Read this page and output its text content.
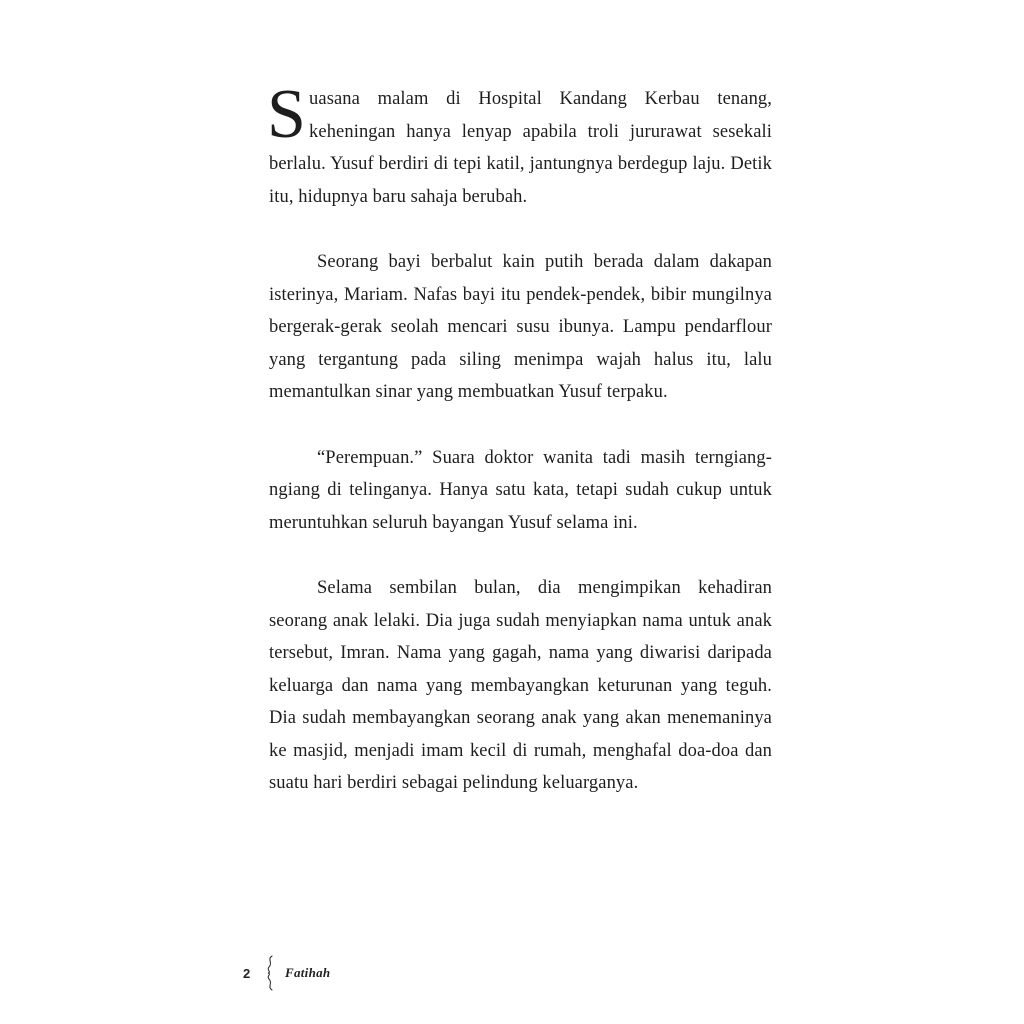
Suasana malam di Hospital Kandang Kerbau tenang, keheningan hanya lenyap apabila troli jururawat sesekali berlalu. Yusuf berdiri di tepi katil, jantungnya berdegup laju. Detik itu, hidupnya baru sahaja berubah.

Seorang bayi berbalut kain putih berada dalam dakapan isterinya, Mariam. Nafas bayi itu pendek-pendek, bibir mungilnya bergerak-gerak seolah mencari susu ibunya. Lampu pendarflour yang tergantung pada siling menimpa wajah halus itu, lalu memantulkan sinar yang membuatkan Yusuf terpaku.

“Perempuan.” Suara doktor wanita tadi masih terngiang-ngiang di telinganya. Hanya satu kata, tetapi sudah cukup untuk meruntuhkan seluruh bayangan Yusuf selama ini.

Selama sembilan bulan, dia mengimpikan kehadiran seorang anak lelaki. Dia juga sudah menyiapkan nama untuk anak tersebut, Imran. Nama yang gagah, nama yang diwarisi daripada keluarga dan nama yang membayangkan keturunan yang teguh. Dia sudah membayangkan seorang anak yang akan menemaninya ke masjid, menjadi imam kecil di rumah, menghafal doa-doa dan suatu hari berdiri sebagai pelindung keluarganya.

2	Fatihah
